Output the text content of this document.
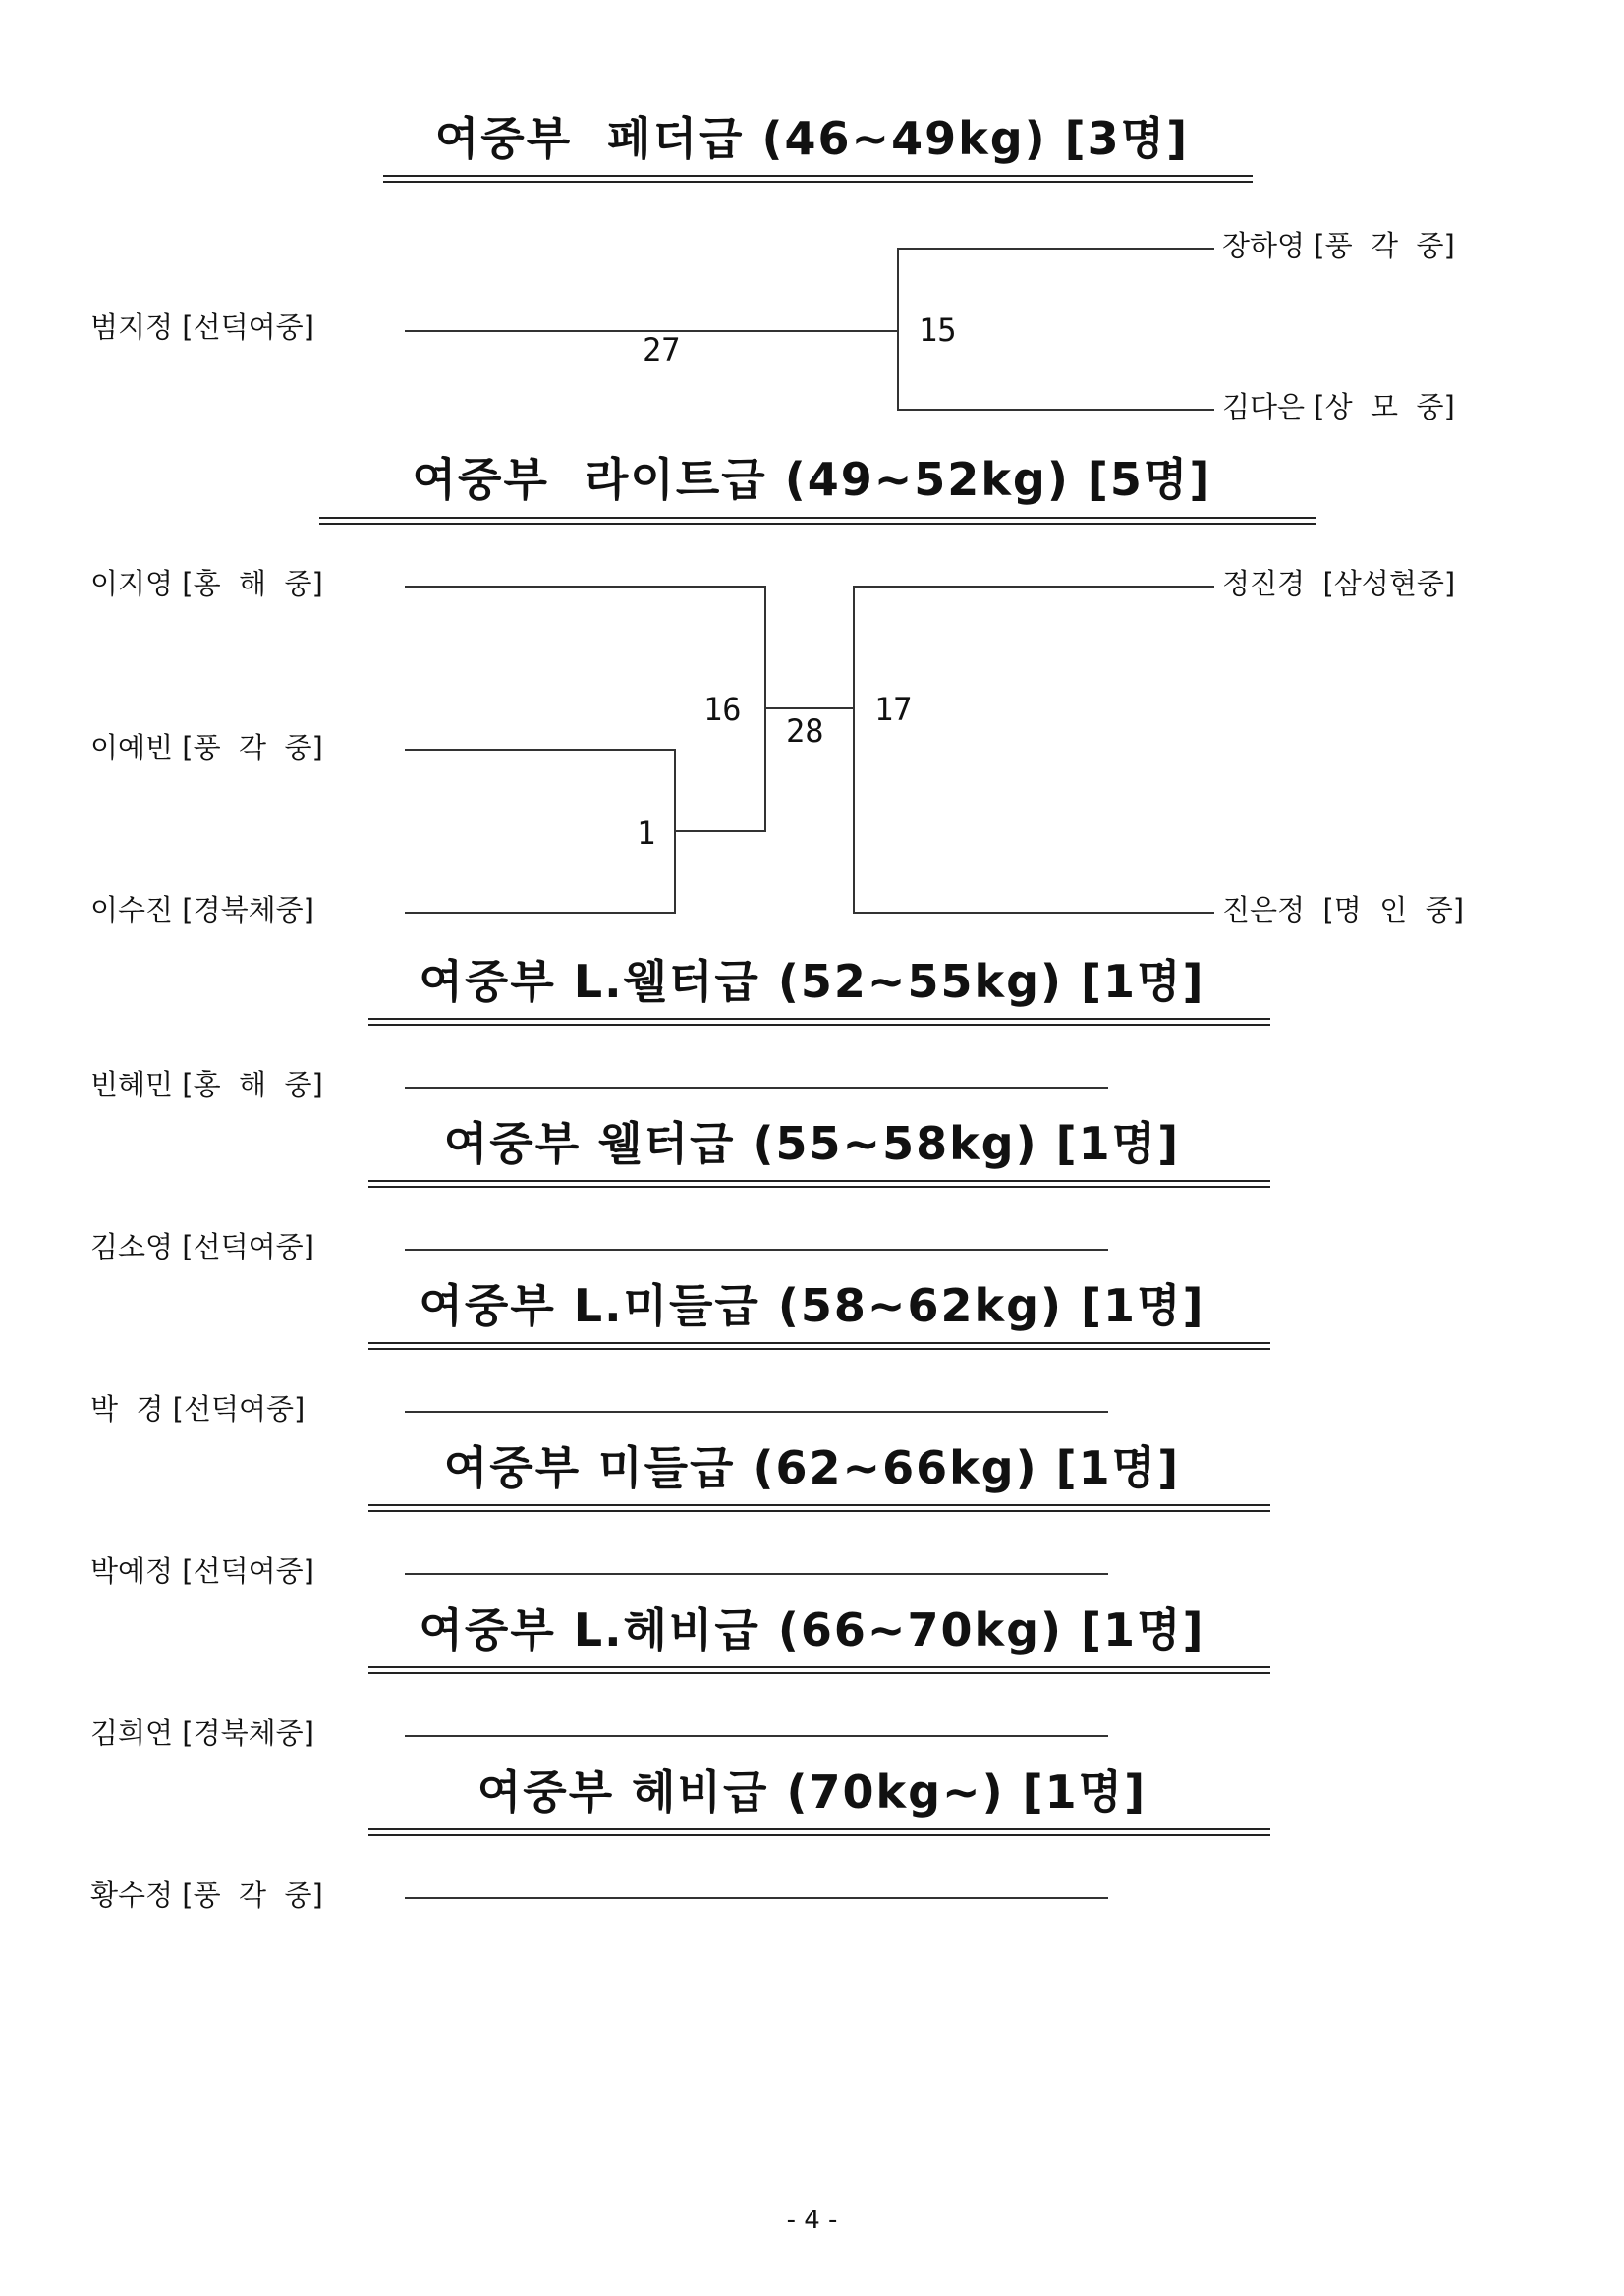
여중부  페더급 (46~49kg) [3명]
범지정 [선덕여중]
27
15
장하영 [풍  각  중]
김다은 [상  모  중]
여중부  라이트급 (49~52kg) [5명]
이지영 [홍  해  중]
이예빈 [풍  각  중]
이수진 [경북체중]
1
16
28
17
정진경  [삼성현중]
진은정  [명  인  중]
여중부 L.웰터급 (52~55kg) [1명]
빈혜민 [홍  해  중]
여중부 웰터급 (55~58kg) [1명]
김소영 [선덕여중]
여중부 L.미들급 (58~62kg) [1명]
박  경 [선덕여중]
여중부 미들급 (62~66kg) [1명]
박예정 [선덕여중]
여중부 L.헤비급 (66~70kg) [1명]
김희연 [경북체중]
여중부 헤비급 (70kg~) [1명]
황수정 [풍  각  중]
- 4 -
